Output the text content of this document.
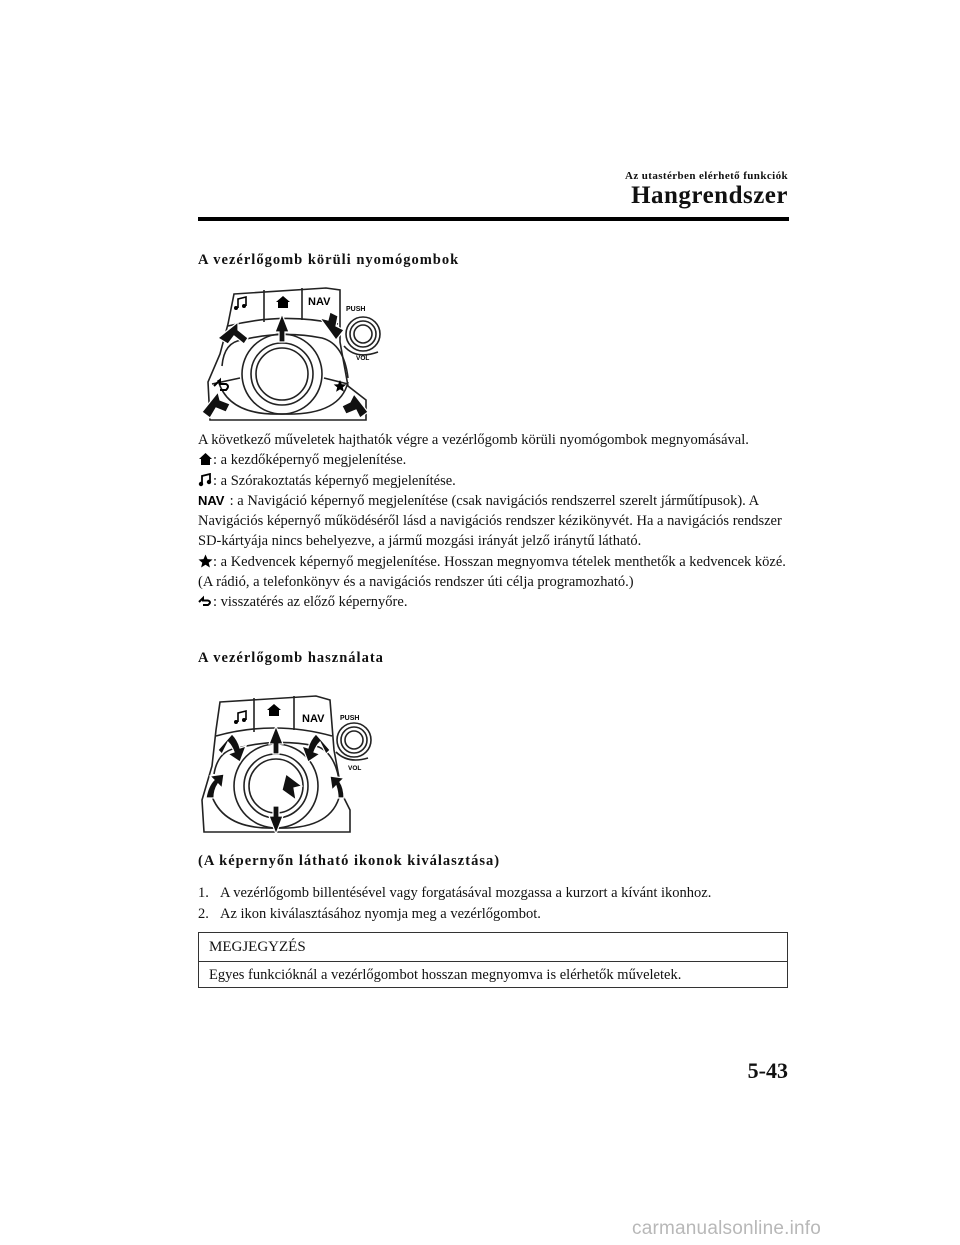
Az utastérben elérhető funkciók
Hangrendszer
A vezérlőgomb körüli nyomógombok
NAV
PUSH
VOL

A következő műveletek hajthatók végre a vezérlőgomb körüli nyomógombok megnyomásával.

: a kezdőképernyő megjelenítése.

: a Szórakoztatás képernyő megjelenítése.

NAV : a Navigáció képernyő megjelenítése (csak navigációs rendszerrel szerelt járműtípusok). A Navigációs képernyő működéséről lásd a navigációs rendszer kézikönyvét. Ha a navigációs rendszer SD-kártyája nincs behelyezve, a jármű mozgási irányát jelző iránytű látható.

: a Kedvencek képernyő megjelenítése. Hosszan megnyomva tételek menthetők a kedvencek közé. (A rádió, a telefonkönyv és a navigációs rendszer úti célja programozható.)

: visszatérés az előző képernyőre.

A vezérlőgomb használata
NAV PUSH
VOL
(A képernyőn látható ikonok kiválasztása)
1. A vezérlőgomb billentésével vagy forgatásával mozgassa a kurzort a kívánt ikonhoz.
2. Az ikon kiválasztásához nyomja meg a vezérlőgombot.
MEGJEGYZÉS
Egyes funkcióknál a vezérlőgombot hosszan megnyomva is elérhetők műveletek.
5-43
carmanualsonline.info
